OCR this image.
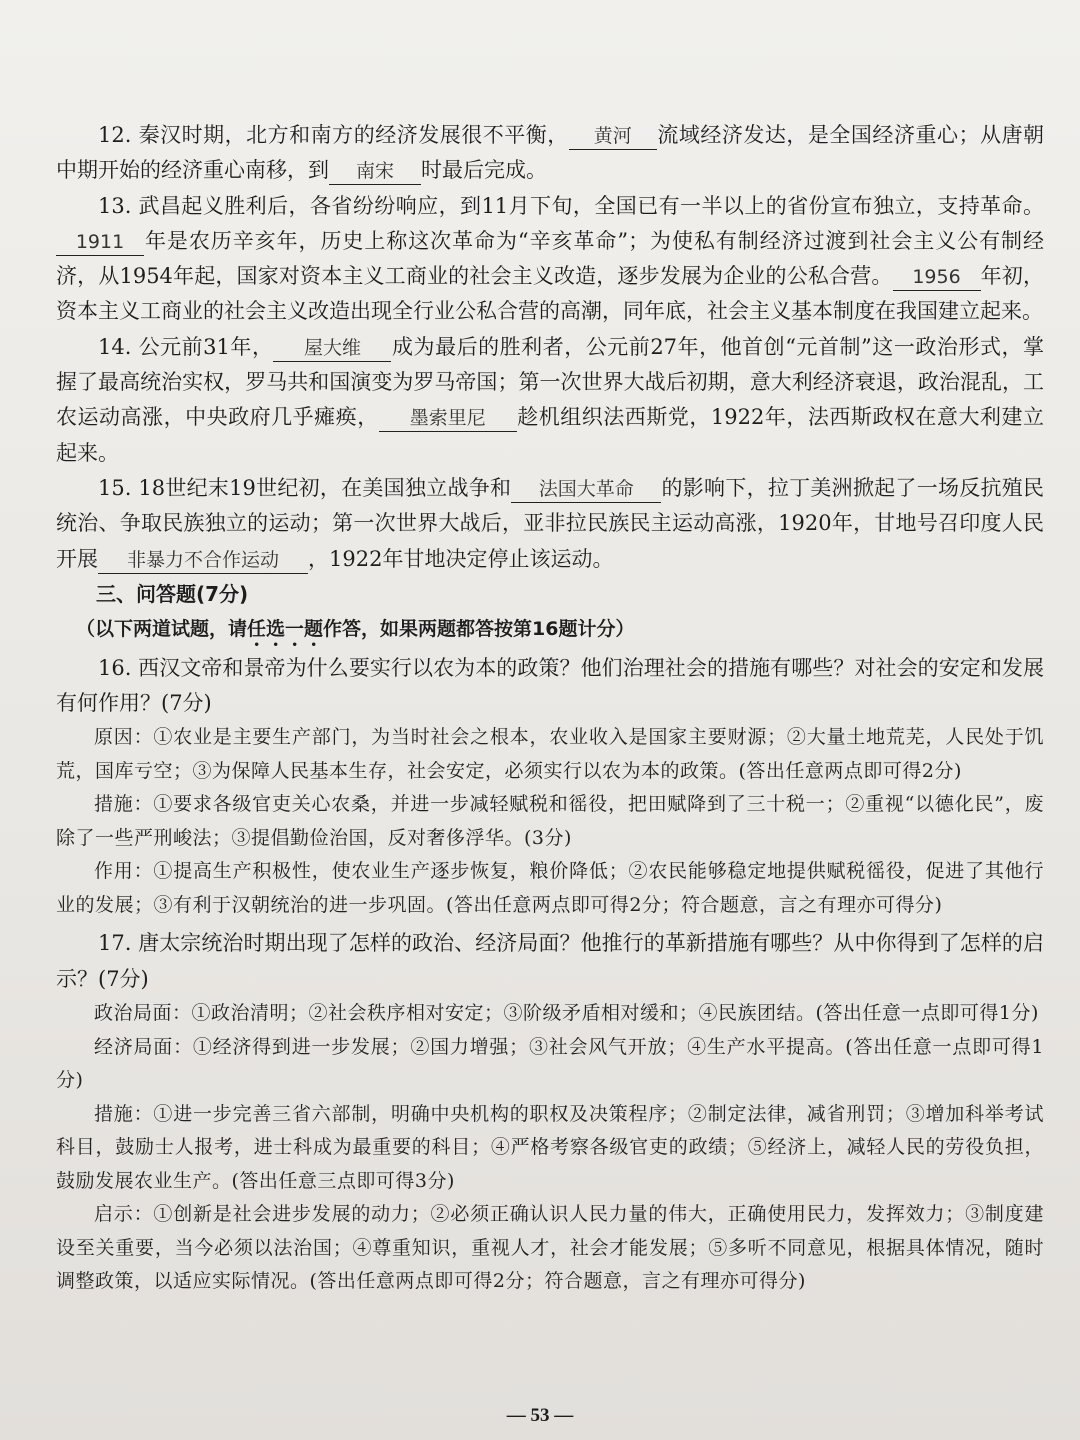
12. 秦汉时期，北方和南方的经济发展很不平衡， 黄河 流域经济发达，是全国经济重心；从唐朝中期开始的经济重心南移，到 南宋 时最后完成。

13. 武昌起义胜利后，各省纷纷响应，到11月下旬，全国已有一半以上的省份宣布独立，支持革命。1911 年是农历辛亥年，历史上称这次革命为“辛亥革命”；为使私有制经济过渡到社会主义公有制经济，从1954年起，国家对资本主义工商业的社会主义改造，逐步发展为企业的公私合营。 1956 年初，资本主义工商业的社会主义改造出现全行业公私合营的高潮，同年底，社会主义基本制度在我国建立起来。

14. 公元前31年， 屋大维 成为最后的胜利者，公元前27年，他首创“元首制”这一政治形式，掌握了最高统治实权，罗马共和国演变为罗马帝国；第一次世界大战后初期，意大利经济衰退，政治混乱，工农运动高涨，中央政府几乎瘫痪， 墨索里尼 趁机组织法西斯党，1922年，法西斯政权在意大利建立起来。

15. 18世纪末19世纪初，在美国独立战争和 法国大革命 的影响下，拉丁美洲掀起了一场反抗殖民统治、争取民族独立的运动；第一次世界大战后，亚非拉民族民主运动高涨，1920年，甘地号召印度人民开展 非暴力不合作运动 ，1922年甘地决定停止该运动。

三、问答题(7分)

（以下两道试题，请任选一题作答，如果两题都答按第16题计分）

16. 西汉文帝和景帝为什么要实行以农为本的政策？他们治理社会的措施有哪些？对社会的安定和发展有何作用？(7分)

原因：①农业是主要生产部门，为当时社会之根本，农业收入是国家主要财源；②大量土地荒芜，人民处于饥荒，国库亏空；③为保障人民基本生存，社会安定，必须实行以农为本的政策。(答出任意两点即可得2分)

措施：①要求各级官吏关心农桑，并进一步减轻赋税和徭役，把田赋降到了三十税一；②重视“以德化民”，废除了一些严刑峻法；③提倡勤俭治国，反对奢侈浮华。(3分)

作用：①提高生产积极性，使农业生产逐步恢复，粮价降低；②农民能够稳定地提供赋税徭役，促进了其他行业的发展；③有利于汉朝统治的进一步巩固。(答出任意两点即可得2分；符合题意，言之有理亦可得分)

17. 唐太宗统治时期出现了怎样的政治、经济局面？他推行的革新措施有哪些？从中你得到了怎样的启示？(7分)

政治局面：①政治清明；②社会秩序相对安定；③阶级矛盾相对缓和；④民族团结。(答出任意一点即可得1分)

经济局面：①经济得到进一步发展；②国力增强；③社会风气开放；④生产水平提高。(答出任意一点即可得1分)

措施：①进一步完善三省六部制，明确中央机构的职权及决策程序；②制定法律，减省刑罚；③增加科举考试科目，鼓励士人报考，进士科成为最重要的科目；④严格考察各级官吏的政绩；⑤经济上，减轻人民的劳役负担，鼓励发展农业生产。(答出任意三点即可得3分)

启示：①创新是社会进步发展的动力；②必须正确认识人民力量的伟大，正确使用民力，发挥效力；③制度建设至关重要，当今必须以法治国；④尊重知识，重视人才，社会才能发展；⑤多听不同意见，根据具体情况，随时调整政策，以适应实际情况。(答出任意两点即可得2分；符合题意，言之有理亦可得分)

— 53 —
